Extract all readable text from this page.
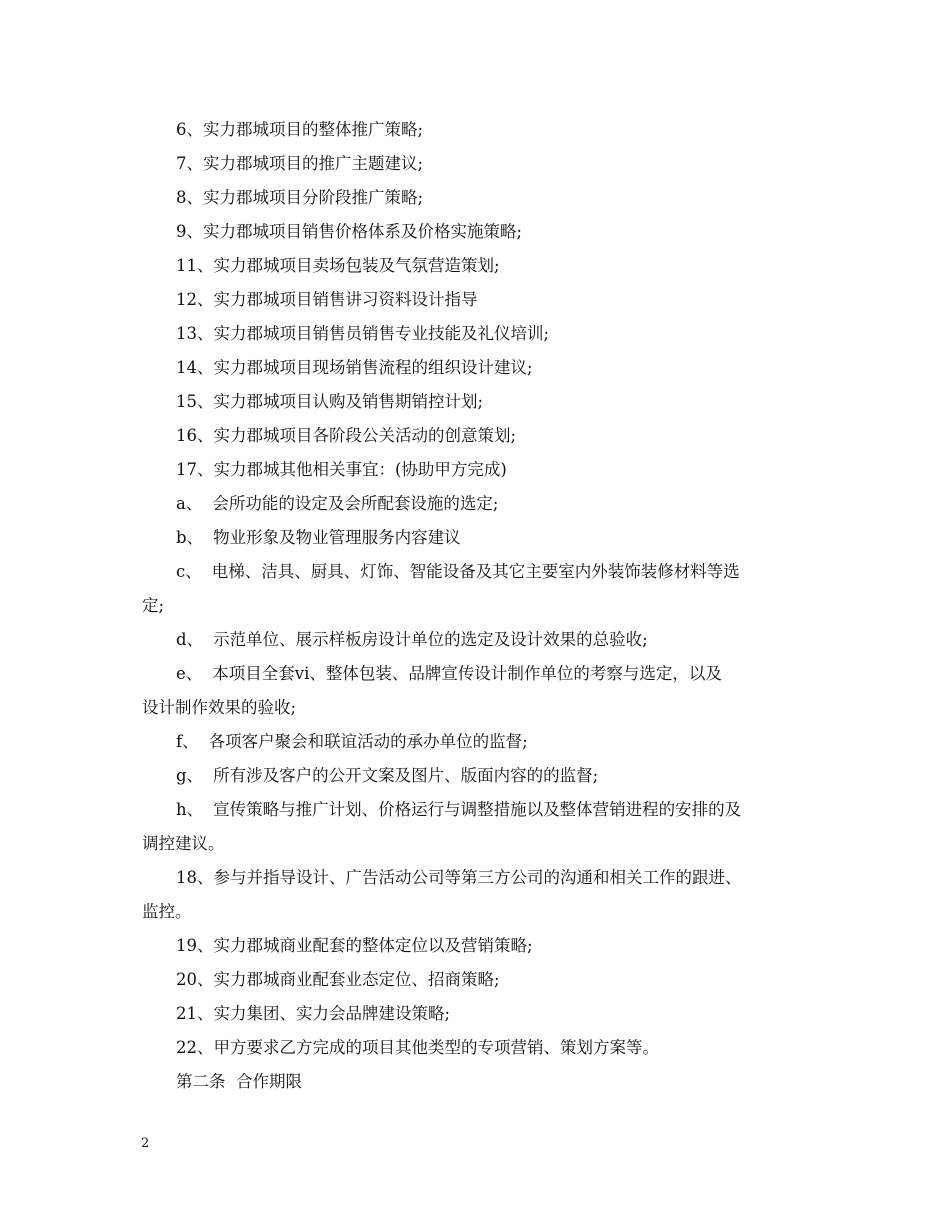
6、实力郡城项目的整体推广策略;

7、实力郡城项目的推广主题建议;

8、实力郡城项目分阶段推广策略;

9、实力郡城项目销售价格体系及价格实施策略;

11、实力郡城项目卖场包装及气氛营造策划;

12、实力郡城项目销售讲习资料设计指导

13、实力郡城项目销售员销售专业技能及礼仪培训;

14、实力郡城项目现场销售流程的组织设计建议;

15、实力郡城项目认购及销售期销控计划;

16、实力郡城项目各阶段公关活动的创意策划;

17、实力郡城其他相关事宜：(协助甲方完成)

a、 会所功能的设定及会所配套设施的选定;

b、 物业形象及物业管理服务内容建议

c、 电梯、洁具、厨具、灯饰、智能设备及其它主要室内外装饰装修材料等选

定;

d、 示范单位、展示样板房设计单位的选定及设计效果的总验收;

e、 本项目全套vi、整体包装、品牌宣传设计制作单位的考察与选定，以及

设计制作效果的验收;

f、 各项客户聚会和联谊活动的承办单位的监督;

g、 所有涉及客户的公开文案及图片、版面内容的的监督;

h、 宣传策略与推广计划、价格运行与调整措施以及整体营销进程的安排的及

调控建议。

18、参与并指导设计、广告活动公司等第三方公司的沟通和相关工作的跟进、

监控。

19、实力郡城商业配套的整体定位以及营销策略;

20、实力郡城商业配套业态定位、招商策略;

21、实力集团、实力会品牌建设策略;

22、甲方要求乙方完成的项目其他类型的专项营销、策划方案等。

第二条  合作期限

2
